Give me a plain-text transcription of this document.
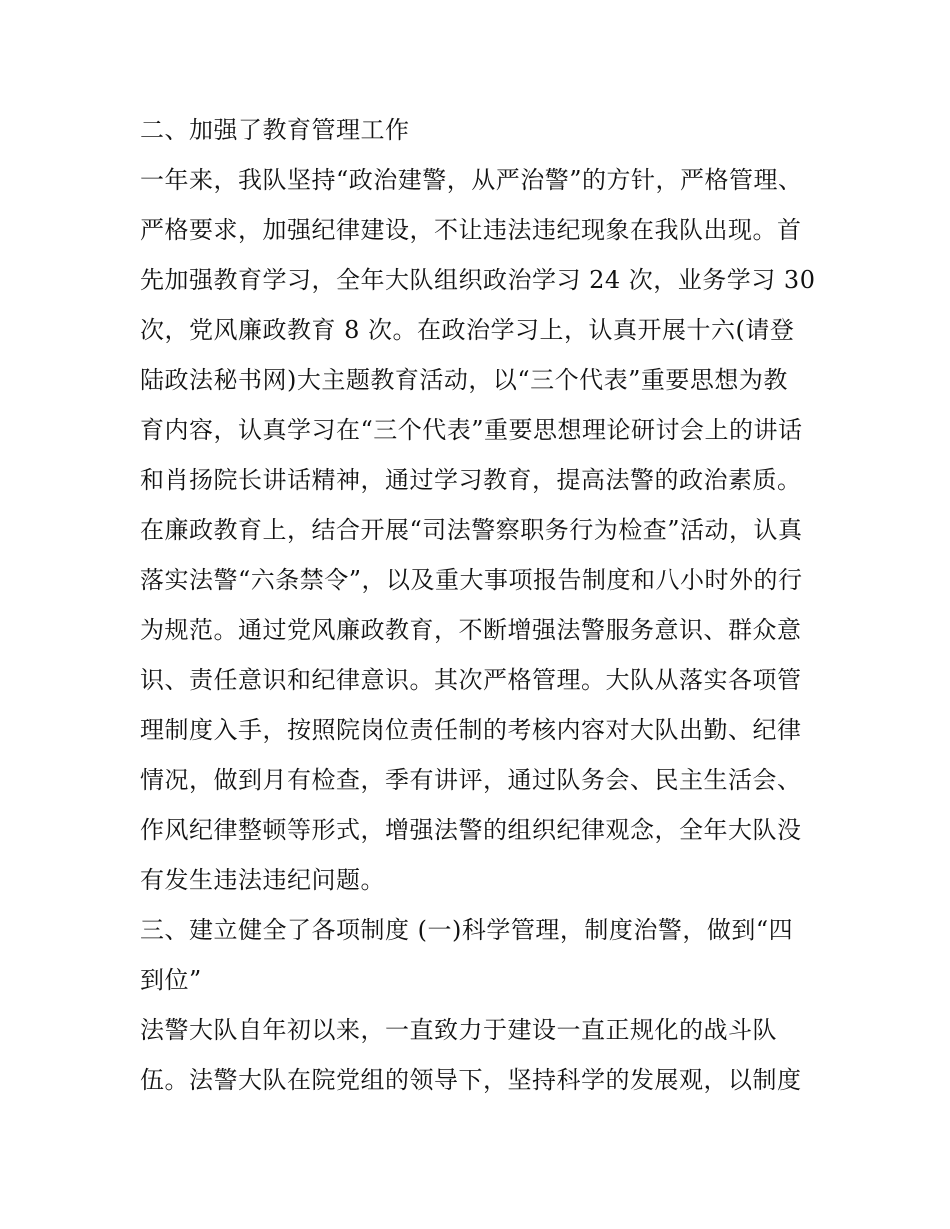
二、加强了教育管理工作
一年来，我队坚持“政治建警，从严治警”的方针，严格管理、
严格要求，加强纪律建设，不让违法违纪现象在我队出现。首
先加强教育学习，全年大队组织政治学习 24 次，业务学习 30
次，党风廉政教育 8 次。在政治学习上，认真开展十六(请登
陆政法秘书网)大主题教育活动，以“三个代表”重要思想为教
育内容，认真学习在“三个代表”重要思想理论研讨会上的讲话
和肖扬院长讲话精神，通过学习教育，提高法警的政治素质。
在廉政教育上，结合开展“司法警察职务行为检查”活动，认真
落实法警“六条禁令”，以及重大事项报告制度和八小时外的行
为规范。通过党风廉政教育，不断增强法警服务意识、群众意
识、责任意识和纪律意识。其次严格管理。大队从落实各项管
理制度入手，按照院岗位责任制的考核内容对大队出勤、纪律
情况，做到月有检查，季有讲评，通过队务会、民主生活会、
作风纪律整顿等形式，增强法警的组织纪律观念，全年大队没
有发生违法违纪问题。
三、建立健全了各项制度 (一)科学管理，制度治警，做到“四
到位”
法警大队自年初以来，一直致力于建设一直正规化的战斗队
伍。法警大队在院党组的领导下，坚持科学的发展观，以制度
